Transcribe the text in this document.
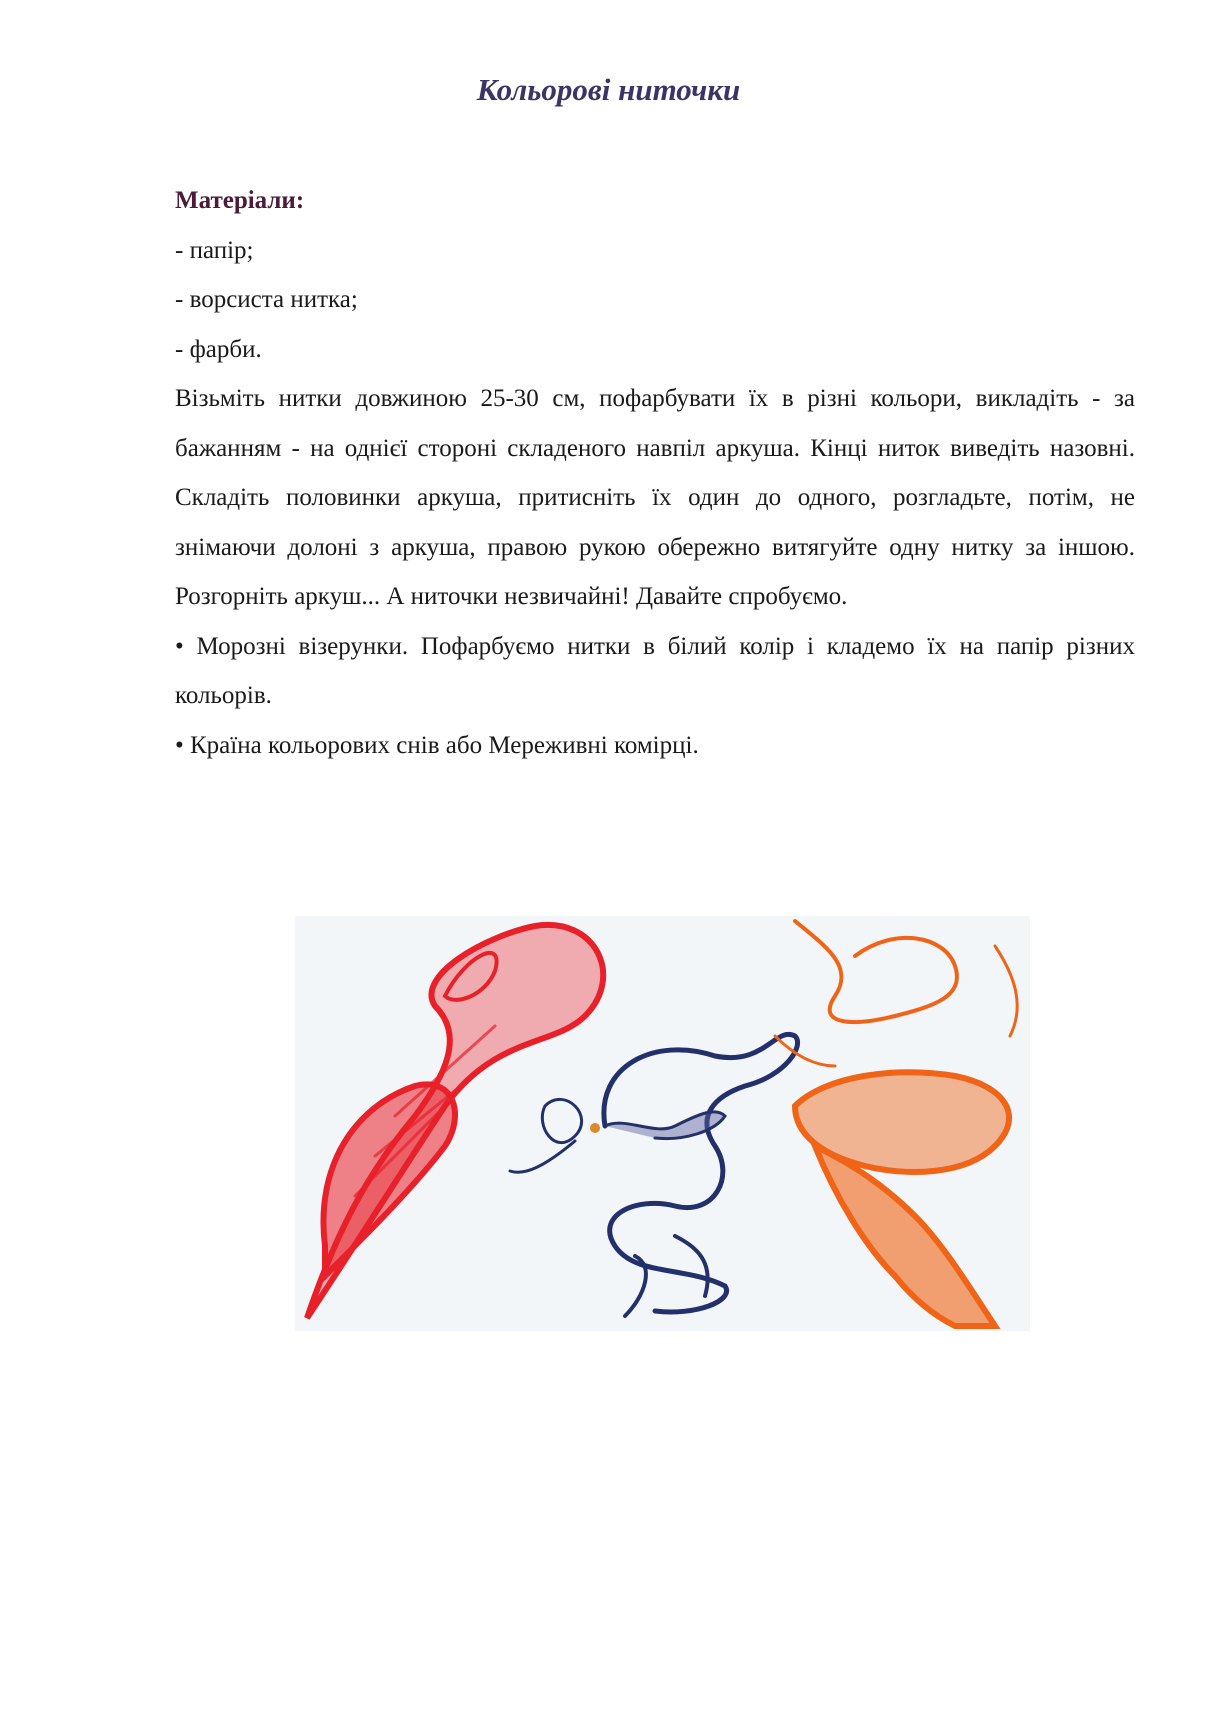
Кольорові ниточки

Матеріали:

- папір;

- ворсиста нитка;

- фарби.

Візьміть нитки довжиною 25-30 см, пофарбувати їх в різні кольори, викладіть - за бажанням - на однієї стороні складеного навпіл аркуша. Кінці ниток виведіть назовні. Складіть половинки аркуша, притисніть їх один до одного, розгладьте, потім, не знімаючи долоні з аркуша, правою рукою обережно витягуйте одну нитку за іншою. Розгорніть аркуш... А ниточки незвичайні! Давайте спробуємо.

• Морозні візерунки. Пофарбуємо нитки в білий колір і кладемо їх на папір різних кольорів.

• Країна кольорових снів або Мереживні комірці.
